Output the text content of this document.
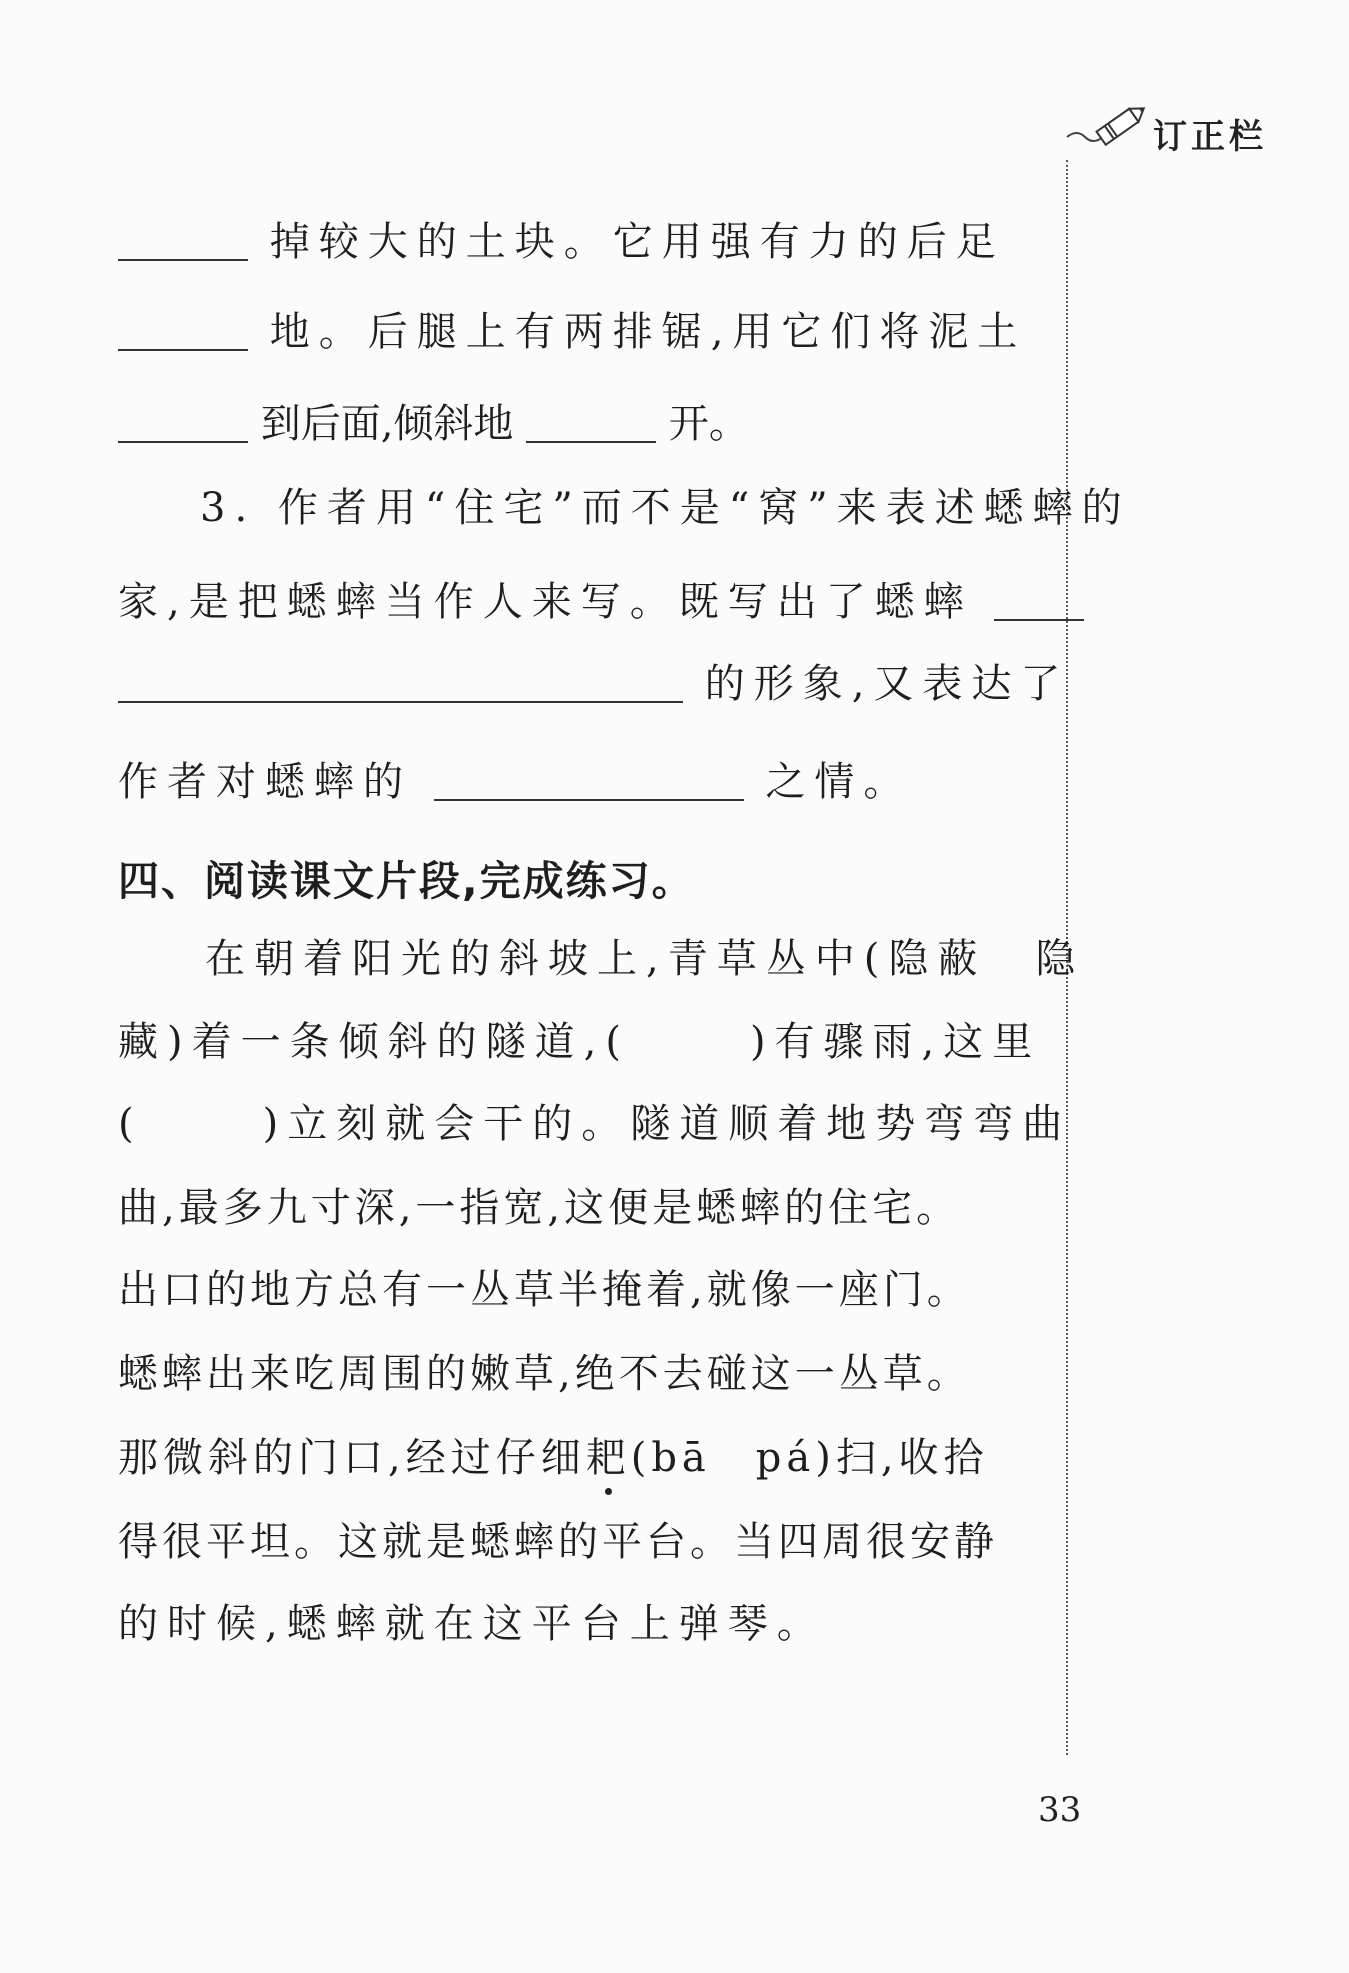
订正栏
掉较大的土块。它用强有力的后足
地。后腿上有两排锯,用它们将泥土
到后面,倾斜地	开。
3. 作者用“住宅”而不是“窝”来表述蟋蟀的
家,是把蟋蟀当作人来写。既写出了蟋蟀
的形象,又表达了
作者对蟋蟀的	之情。
四、阅读课文片段,完成练习。
在朝着阳光的斜坡上,青草丛中(隐蔽　隐
藏)着一条倾斜的隧道,(	)有骤雨,这里
(	)立刻就会干的。隧道顺着地势弯弯曲
曲,最多九寸深,一指宽,这便是蟋蟀的住宅。
出口的地方总有一丛草半掩着,就像一座门。
蟋蟀出来吃周围的嫩草,绝不去碰这一丛草。
那微斜的门口,经过仔细耙(bā　pá)扫,收拾
得很平坦。这就是蟋蟀的平台。当四周很安静
的时候,蟋蟀就在这平台上弹琴。
33
